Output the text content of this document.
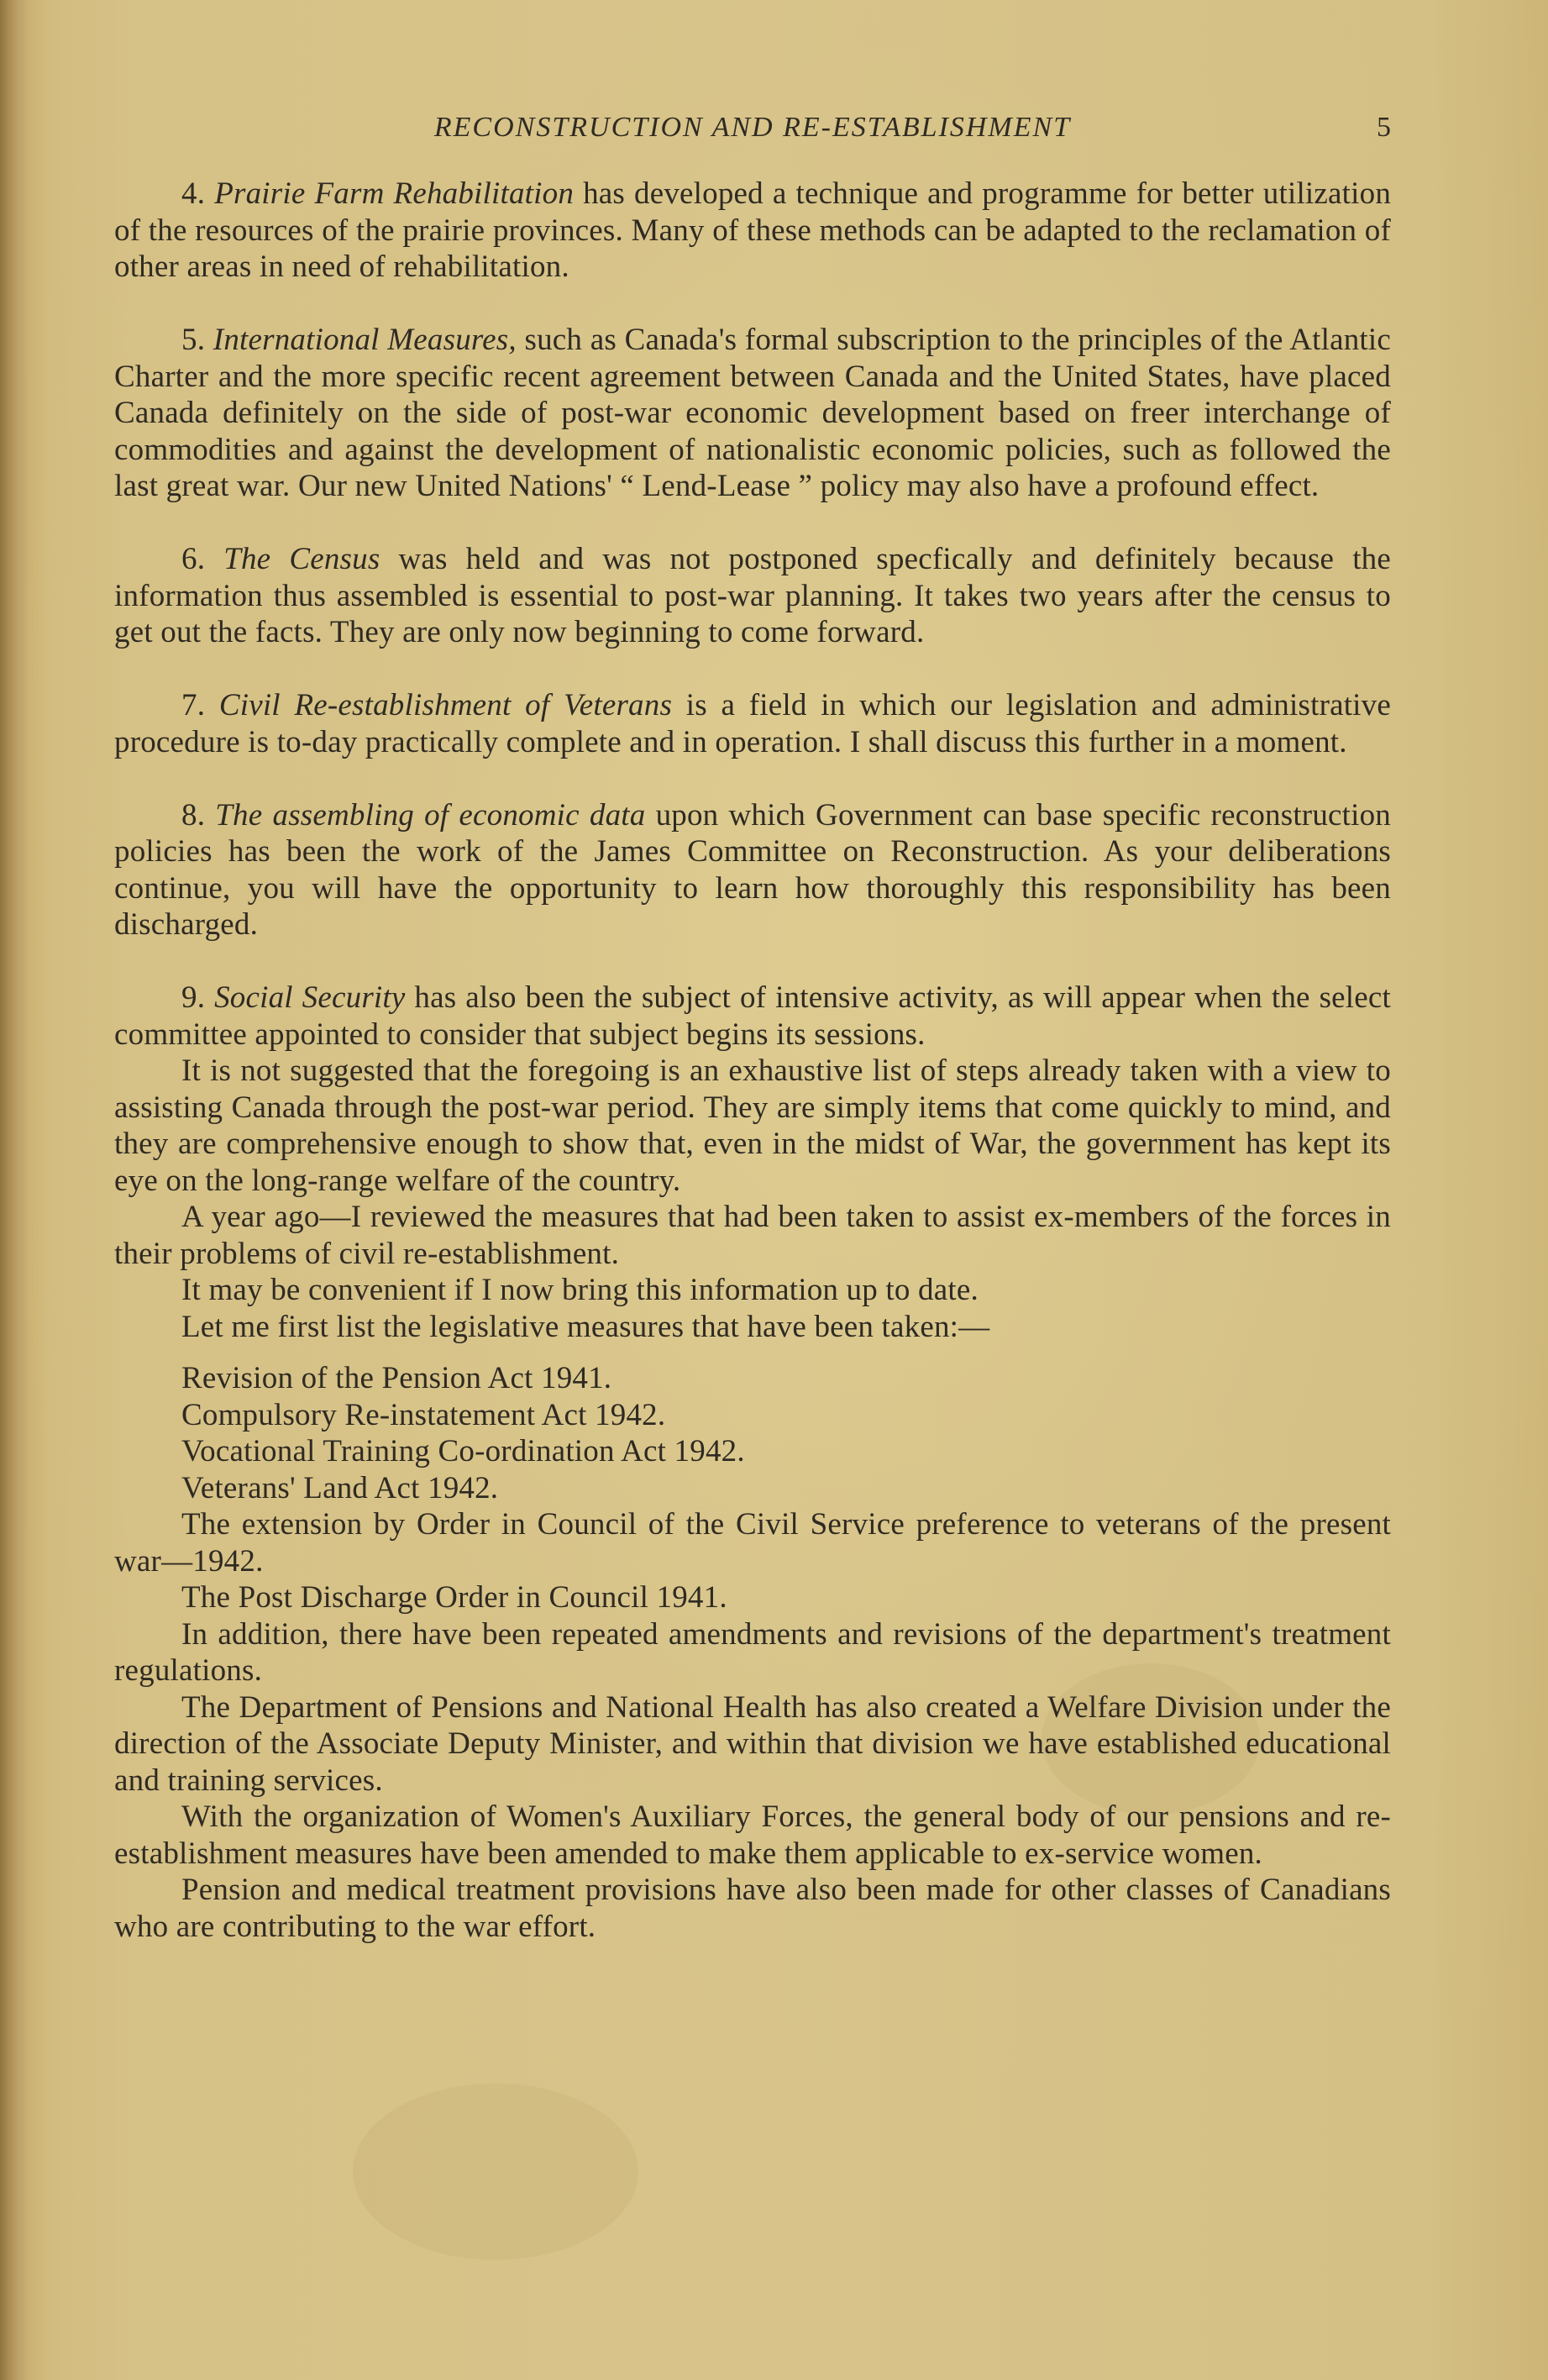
RECONSTRUCTION AND RE-ESTABLISHMENT	5

4. Prairie Farm Rehabilitation has developed a technique and programme for better utilization of the resources of the prairie provinces. Many of these methods can be adapted to the reclamation of other areas in need of rehabilitation.

5. International Measures, such as Canada's formal subscription to the principles of the Atlantic Charter and the more specific recent agreement between Canada and the United States, have placed Canada definitely on the side of post-war economic development based on freer interchange of commodities and against the development of nationalistic economic policies, such as followed the last great war. Our new United Nations' “ Lend-Lease ” policy may also have a profound effect.

6. The Census was held and was not postponed specfically and definitely because the information thus assembled is essential to post-war planning. It takes two years after the census to get out the facts. They are only now beginning to come forward.

7. Civil Re-establishment of Veterans is a field in which our legislation and administrative procedure is to-day practically complete and in operation. I shall discuss this further in a moment.

8. The assembling of economic data upon which Government can base specific reconstruction policies has been the work of the James Committee on Reconstruction. As your deliberations continue, you will have the opportunity to learn how thoroughly this responsibility has been discharged.

9. Social Security has also been the subject of intensive activity, as will appear when the select committee appointed to consider that subject begins its sessions.

It is not suggested that the foregoing is an exhaustive list of steps already taken with a view to assisting Canada through the post-war period. They are simply items that come quickly to mind, and they are comprehensive enough to show that, even in the midst of War, the government has kept its eye on the long-range welfare of the country.

A year ago—I reviewed the measures that had been taken to assist ex-members of the forces in their problems of civil re-establishment.

It may be convenient if I now bring this information up to date.

Let me first list the legislative measures that have been taken:—

Revision of the Pension Act 1941.

Compulsory Re-instatement Act 1942.

Vocational Training Co-ordination Act 1942.

Veterans' Land Act 1942.

The extension by Order in Council of the Civil Service preference to veterans of the present war—1942.

The Post Discharge Order in Council 1941.

In addition, there have been repeated amendments and revisions of the department's treatment regulations.

The Department of Pensions and National Health has also created a Welfare Division under the direction of the Associate Deputy Minister, and within that division we have established educational and training services.

With the organization of Women's Auxiliary Forces, the general body of our pensions and re-establishment measures have been amended to make them applicable to ex-service women.

Pension and medical treatment provisions have also been made for other classes of Canadians who are contributing to the war effort.
